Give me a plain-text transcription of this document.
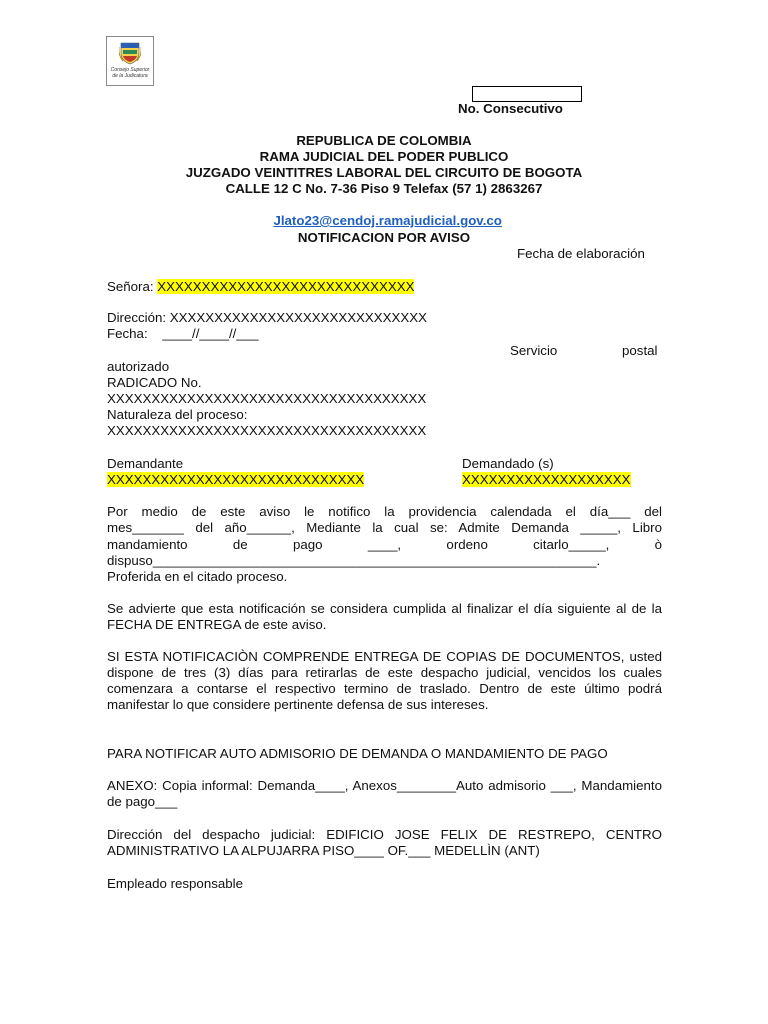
Consejo Superior de la Judicatura
No. Consecutivo
REPUBLICA DE COLOMBIA
RAMA JUDICIAL DEL PODER PUBLICO
JUZGADO VEINTITRES LABORAL DEL CIRCUITO DE BOGOTA
CALLE 12 C No. 7-36 Piso 9 Telefax (57 1) 2863267

Jlato23@cendoj.ramajudicial.gov.co

NOTIFICACION POR AVISO
Fecha de elaboración
Señora: XXXXXXXXXXXXXXXXXXXXXXXXXXXXX
Dirección: XXXXXXXXXXXXXXXXXXXXXXXXXXXXX
Fecha:    ____//____//___
Servicio	postal
autorizado
RADICADO No.
XXXXXXXXXXXXXXXXXXXXXXXXXXXXXXXXXXXX
Naturaleza del proceso:
XXXXXXXXXXXXXXXXXXXXXXXXXXXXXXXXXXXX
Demandante
XXXXXXXXXXXXXXXXXXXXXXXXXXXXX
Demandado (s)
XXXXXXXXXXXXXXXXXXX
Por medio de este aviso le notifico la providencia calendada el día___ del
mes_______ del año______, Mediante la cual se: Admite Demanda _____, Libro
mandamiento de pago ____, ordeno citarlo_____, ò
dispuso____________________________________________________________.
Proferida en el citado proceso.
Se advierte que esta notificación se considera cumplida al finalizar el día siguiente al de la FECHA DE ENTREGA de este aviso.
SI ESTA NOTIFICACIÒN COMPRENDE ENTREGA DE COPIAS DE DOCUMENTOS, usted dispone de tres (3) días para retirarlas de este despacho judicial, vencidos los cuales comenzara a contarse el respectivo termino de traslado. Dentro de este último podrá manifestar lo que considere pertinente defensa de sus intereses.
PARA NOTIFICAR AUTO ADMISORIO DE DEMANDA O MANDAMIENTO DE PAGO
ANEXO: Copia informal: Demanda____, Anexos________Auto admisorio ___, Mandamiento de pago___
Dirección del despacho judicial: EDIFICIO JOSE FELIX DE RESTREPO, CENTRO ADMINISTRATIVO LA ALPUJARRA PISO____ OF.___ MEDELLÌN (ANT)
Empleado responsable
